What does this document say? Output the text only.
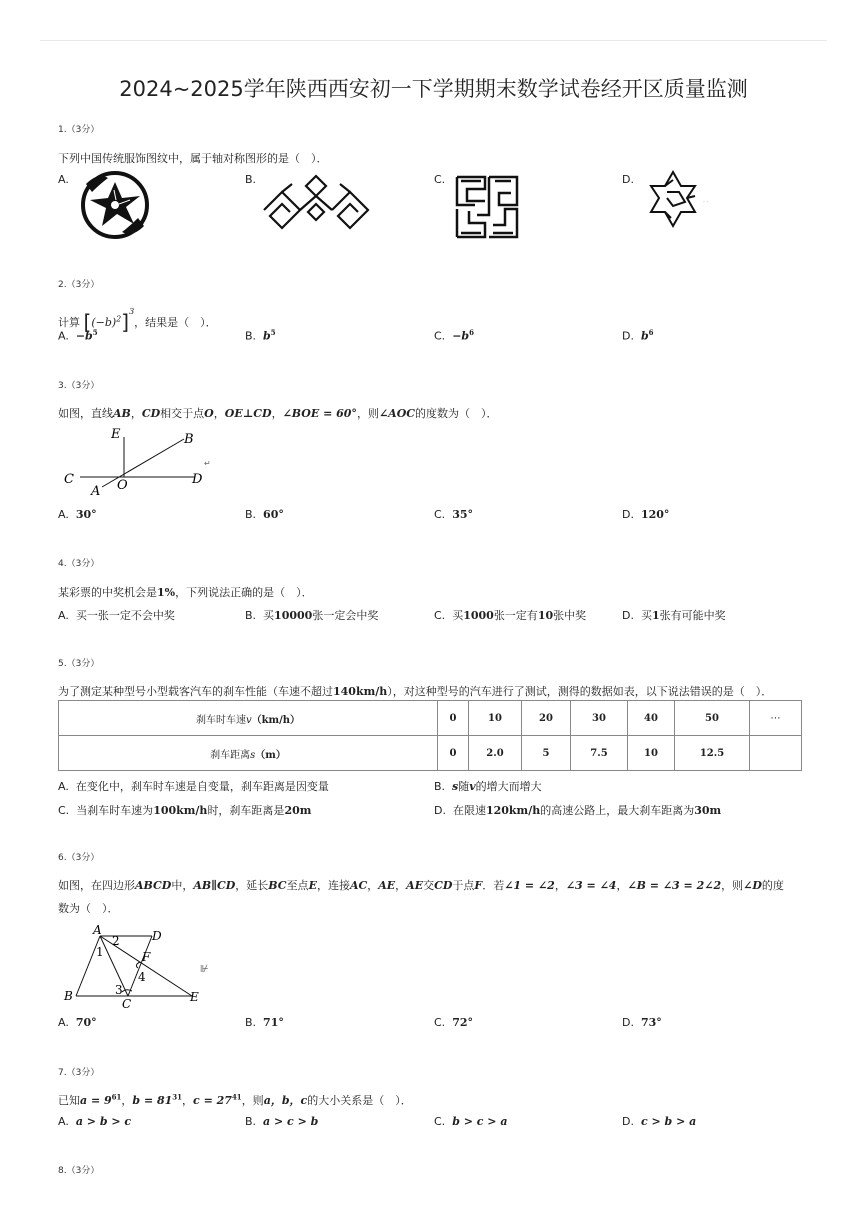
2024~2025学年陕西西安初一下学期期末数学试卷经开区质量监测
1.（3分）
下列中国传统服饰图纹中，属于轴对称图形的是（　）．
A.	B.	C.	D.
· ·
2.（3分）
计算 $[(-b)^2]^3$，结果是（　）．
A. $-b^5$	B. $b^5$	C. $-b^6$	D. $b^6$
3.（3分）
如图，直线AB，CD相交于点O，OE⊥CD，∠BOE = 60°，则∠AOC的度数为（　）．
E	B
C
A O	D
↵
A. 30°	B. 60°	C. 35°	D. 120°
4.（3分）
某彩票的中奖机会是1%，下列说法正确的是（　）．
A. 买一张一定不会中奖	B. 买10000张一定会中奖	C. 买1000张一定有10张中奖	D. 买1张有可能中奖
5.（3分）
为了测定某种型号小型载客汽车的刹车性能（车速不超过140km/h），对这种型号的汽车进行了测试，测得的数据如表，以下说法错误的是（　）．
刹车时车速v（km/h）	0	10	20	30	40	50	⋯
刹车距离s（m）	0	2.0	5	7.5	10	12.5	
A. 在变化中，刹车时车速是自变量，刹车距离是因变量	B. s随v的增大而增大
C. 当刹车时车速为100km/h时，刹车距离是20m	D. 在限速120km/h的高速公路上，最大刹车距离为30m
6.（3分）
如图，在四边形ABCD中，AB∥CD，延长BC至点E，连接AC，AE，AE交CD于点F．若∠1 = ∠2，∠3 = ∠4，∠B = ∠3 = 2∠2，则∠D的度
数为（　）．
A	D
B
C	E
F
1
2
3
4
⊮
A. 70°	B. 71°	C. 72°	D. 73°
7.（3分）
已知$a = 9^{61}$，$b = 81^{31}$，$c = 27^{41}$，则a，b，c的大小关系是（　）．
A. a > b > c	B. a > c > b	C. b > c > a	D. c > b > a
8.（3分）
